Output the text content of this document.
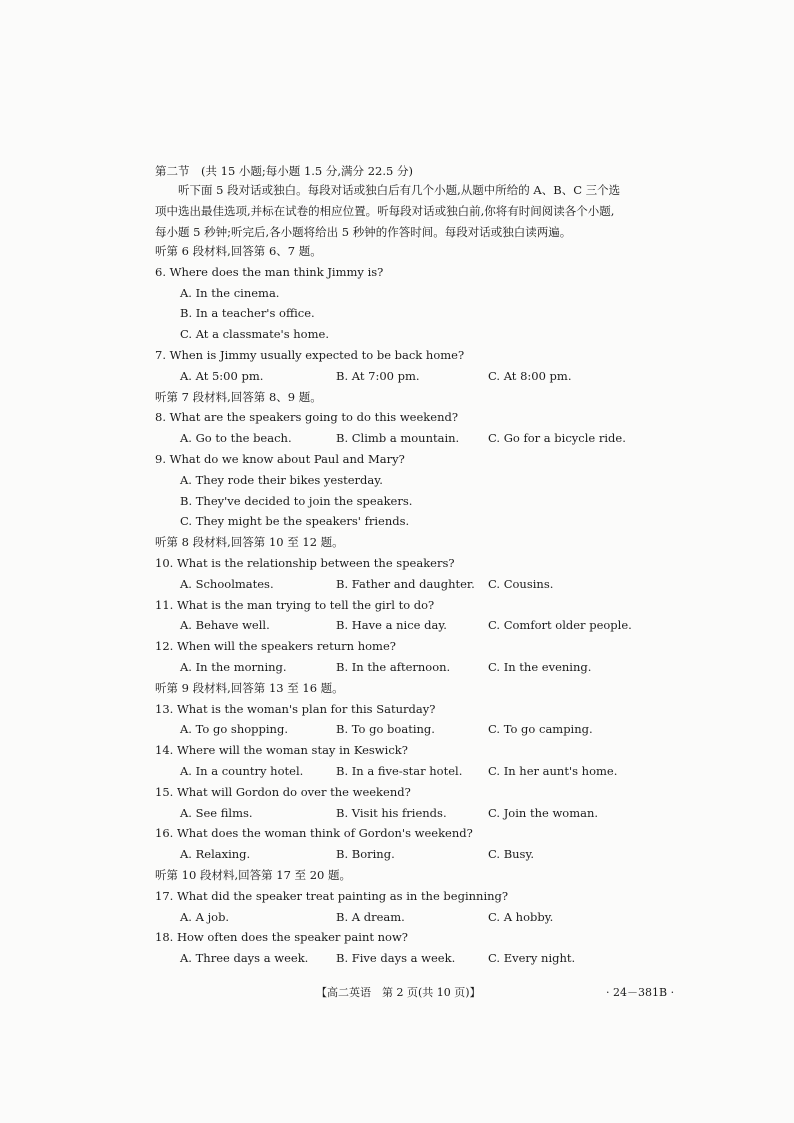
第二节　(共 15 小题;每小题 1.5 分,满分 22.5 分)
听下面 5 段对话或独白。每段对话或独白后有几个小题,从题中所给的 A、B、C 三个选项中选出最佳选项,并标在试卷的相应位置。听每段对话或独白前,你将有时间阅读各个小题,每小题 5 秒钟;听完后,各小题将给出 5 秒钟的作答时间。每段对话或独白读两遍。
听第 6 段材料,回答第 6、7 题。
6. Where does the man think Jimmy is?
A. In the cinema.
B. In a teacher's office.
C. At a classmate's home.
7. When is Jimmy usually expected to be back home?
A. At 5:00 pm.	B. At 7:00 pm.	C. At 8:00 pm.
听第 7 段材料,回答第 8、9 题。
8. What are the speakers going to do this weekend?
A. Go to the beach.	B. Climb a mountain.	C. Go for a bicycle ride.
9. What do we know about Paul and Mary?
A. They rode their bikes yesterday.
B. They've decided to join the speakers.
C. They might be the speakers' friends.
听第 8 段材料,回答第 10 至 12 题。
10. What is the relationship between the speakers?
A. Schoolmates.	B. Father and daughter. C. Cousins.
11. What is the man trying to tell the girl to do?
A. Behave well.	B. Have a nice day.	C. Comfort older people.
12. When will the speakers return home?
A. In the morning.	B. In the afternoon.	C. In the evening.
听第 9 段材料,回答第 13 至 16 题。
13. What is the woman's plan for this Saturday?
A. To go shopping.	B. To go boating.	C. To go camping.
14. Where will the woman stay in Keswick?
A. In a country hotel.	B. In a five-star hotel. C. In her aunt's home.
15. What will Gordon do over the weekend?
A. See films.	B. Visit his friends.	C. Join the woman.
16. What does the woman think of Gordon's weekend?
A. Relaxing.	B. Boring.	C. Busy.
听第 10 段材料,回答第 17 至 20 题。
17. What did the speaker treat painting as in the beginning?
A. A job.	B. A dream.	C. A hobby.
18. How often does the speaker paint now?
A. Three days a week. B. Five days a week.	C. Every night.
【高二英语　第 2 页(共 10 页)】	· 24－381B ·
